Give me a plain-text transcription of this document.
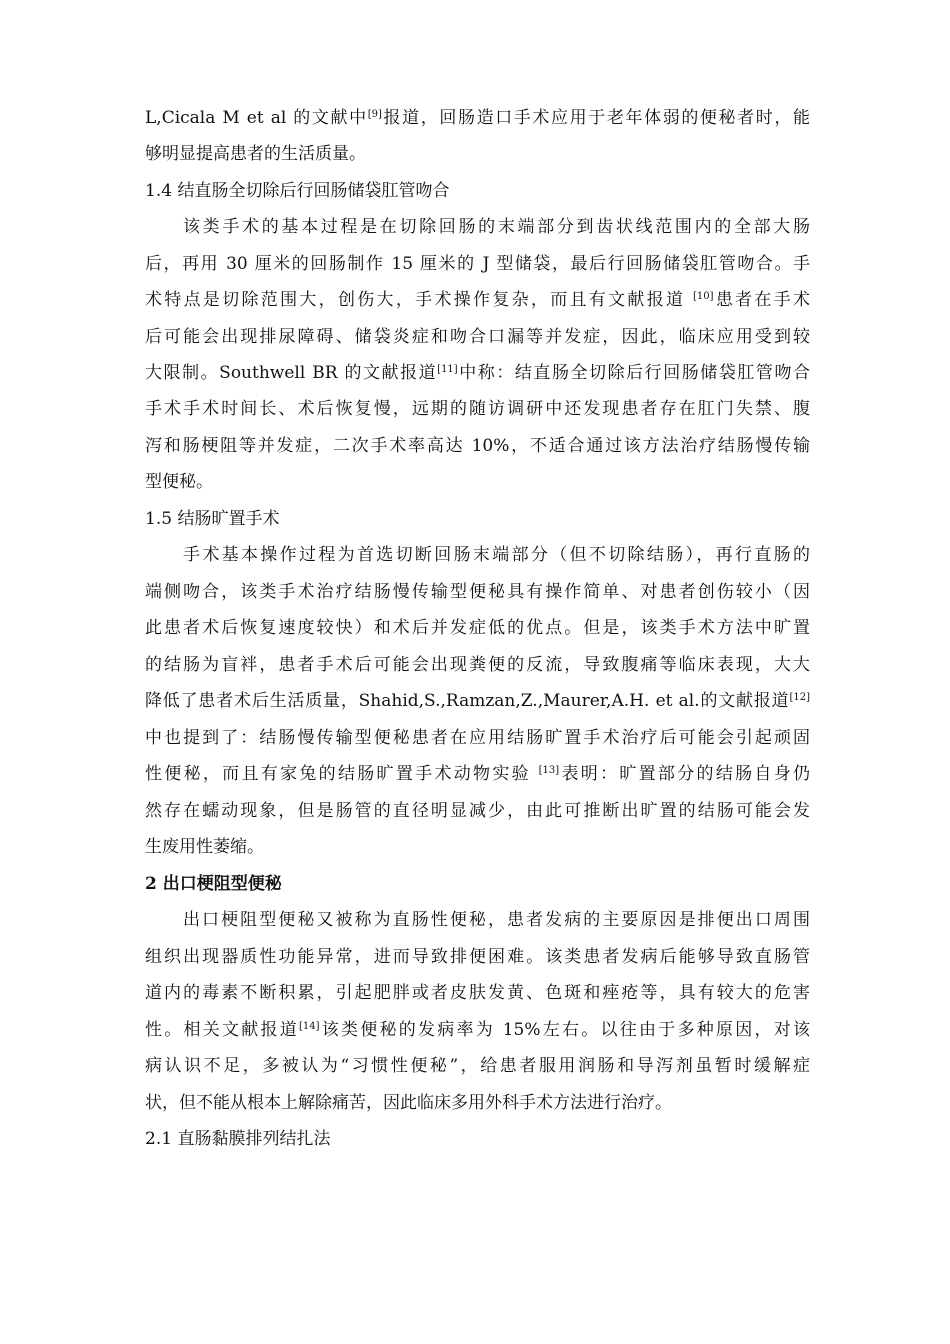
L,Cicala M et al 的文献中[9]报道，回肠造口手术应用于老年体弱的便秘者时，能
够明显提高患者的生活质量。
1.4 结直肠全切除后行回肠储袋肛管吻合
该类手术的基本过程是在切除回肠的末端部分到齿状线范围内的全部大肠
后，再用 30 厘米的回肠制作 15 厘米的 J 型储袋，最后行回肠储袋肛管吻合。手
术特点是切除范围大，创伤大，手术操作复杂，而且有文献报道 [10]患者在手术
后可能会出现排尿障碍、储袋炎症和吻合口漏等并发症，因此，临床应用受到较
大限制。Southwell BR 的文献报道[11]中称：结直肠全切除后行回肠储袋肛管吻合
手术手术时间长、术后恢复慢，远期的随访调研中还发现患者存在肛门失禁、腹
泻和肠梗阻等并发症，二次手术率高达 10%，不适合通过该方法治疗结肠慢传输
型便秘。
1.5 结肠旷置手术
手术基本操作过程为首选切断回肠末端部分（但不切除结肠），再行直肠的
端侧吻合，该类手术治疗结肠慢传输型便秘具有操作简单、对患者创伤较小（因
此患者术后恢复速度较快）和术后并发症低的优点。但是，该类手术方法中旷置
的结肠为盲袢，患者手术后可能会出现粪便的反流，导致腹痛等临床表现，大大
降低了患者术后生活质量，Shahid,S.,Ramzan,Z.,Maurer,A.H. et al.的文献报道[12]
中也提到了：结肠慢传输型便秘患者在应用结肠旷置手术治疗后可能会引起顽固
性便秘，而且有家兔的结肠旷置手术动物实验 [13]表明：旷置部分的结肠自身仍
然存在蠕动现象，但是肠管的直径明显减少，由此可推断出旷置的结肠可能会发
生废用性萎缩。
2 出口梗阻型便秘
出口梗阻型便秘又被称为直肠性便秘，患者发病的主要原因是排便出口周围
组织出现器质性功能异常，进而导致排便困难。该类患者发病后能够导致直肠管
道内的毒素不断积累，引起肥胖或者皮肤发黄、色斑和痤疮等，具有较大的危害
性。相关文献报道[14]该类便秘的发病率为 15%左右。以往由于多种原因，对该
病认识不足，多被认为“习惯性便秘”，给患者服用润肠和导泻剂虽暂时缓解症
状，但不能从根本上解除痛苦，因此临床多用外科手术方法进行治疗。
2.1 直肠黏膜排列结扎法
